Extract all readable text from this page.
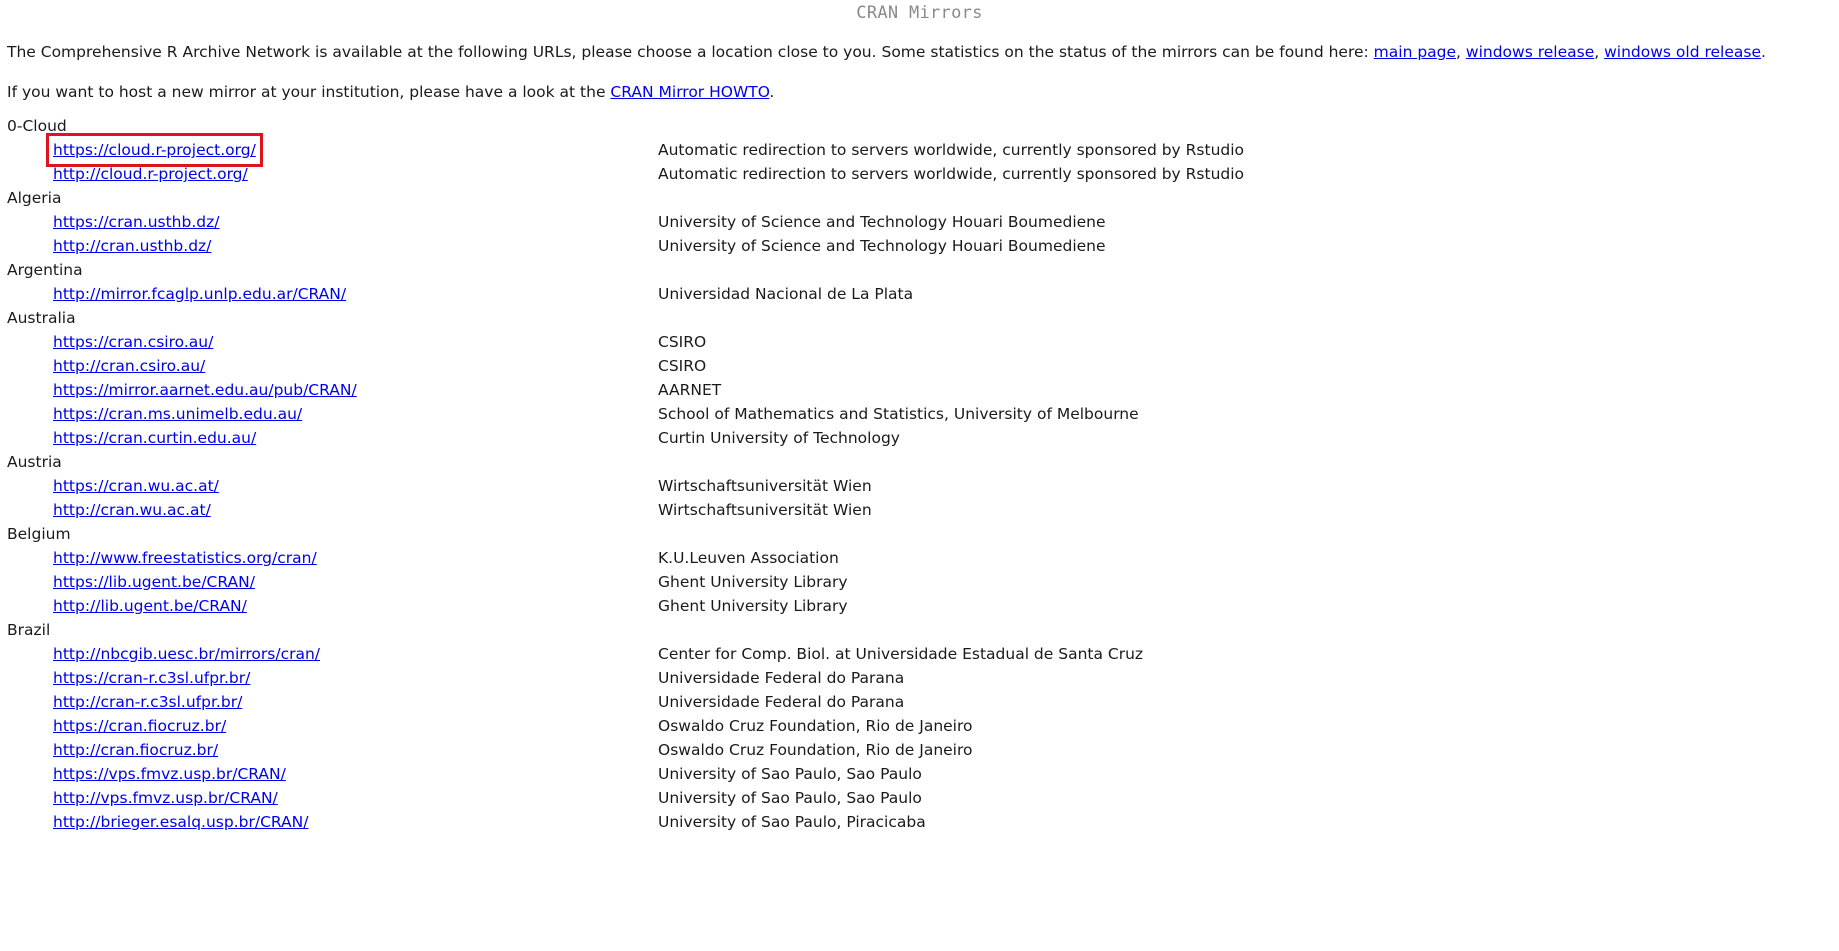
CRAN Mirrors

The Comprehensive R Archive Network is available at the following URLs, please choose a location close to you. Some statistics on the status of the mirrors can be found here: main page, windows release, windows old release.

If you want to host a new mirror at your institution, please have a look at the CRAN Mirror HOWTO.

0-Cloud
https://cloud.r-project.org/	Automatic redirection to servers worldwide, currently sponsored by Rstudio
http://cloud.r-project.org/	Automatic redirection to servers worldwide, currently sponsored by Rstudio
Algeria
https://cran.usthb.dz/	University of Science and Technology Houari Boumediene
http://cran.usthb.dz/	University of Science and Technology Houari Boumediene
Argentina
http://mirror.fcaglp.unlp.edu.ar/CRAN/	Universidad Nacional de La Plata
Australia
https://cran.csiro.au/	CSIRO
http://cran.csiro.au/	CSIRO
https://mirror.aarnet.edu.au/pub/CRAN/	AARNET
https://cran.ms.unimelb.edu.au/	School of Mathematics and Statistics, University of Melbourne
https://cran.curtin.edu.au/	Curtin University of Technology
Austria
https://cran.wu.ac.at/	Wirtschaftsuniversität Wien
http://cran.wu.ac.at/	Wirtschaftsuniversität Wien
Belgium
http://www.freestatistics.org/cran/	K.U.Leuven Association
https://lib.ugent.be/CRAN/	Ghent University Library
http://lib.ugent.be/CRAN/	Ghent University Library
Brazil
http://nbcgib.uesc.br/mirrors/cran/	Center for Comp. Biol. at Universidade Estadual de Santa Cruz
https://cran-r.c3sl.ufpr.br/	Universidade Federal do Parana
http://cran-r.c3sl.ufpr.br/	Universidade Federal do Parana
https://cran.fiocruz.br/	Oswaldo Cruz Foundation, Rio de Janeiro
http://cran.fiocruz.br/	Oswaldo Cruz Foundation, Rio de Janeiro
https://vps.fmvz.usp.br/CRAN/	University of Sao Paulo, Sao Paulo
http://vps.fmvz.usp.br/CRAN/	University of Sao Paulo, Sao Paulo
http://brieger.esalq.usp.br/CRAN/	University of Sao Paulo, Piracicaba
